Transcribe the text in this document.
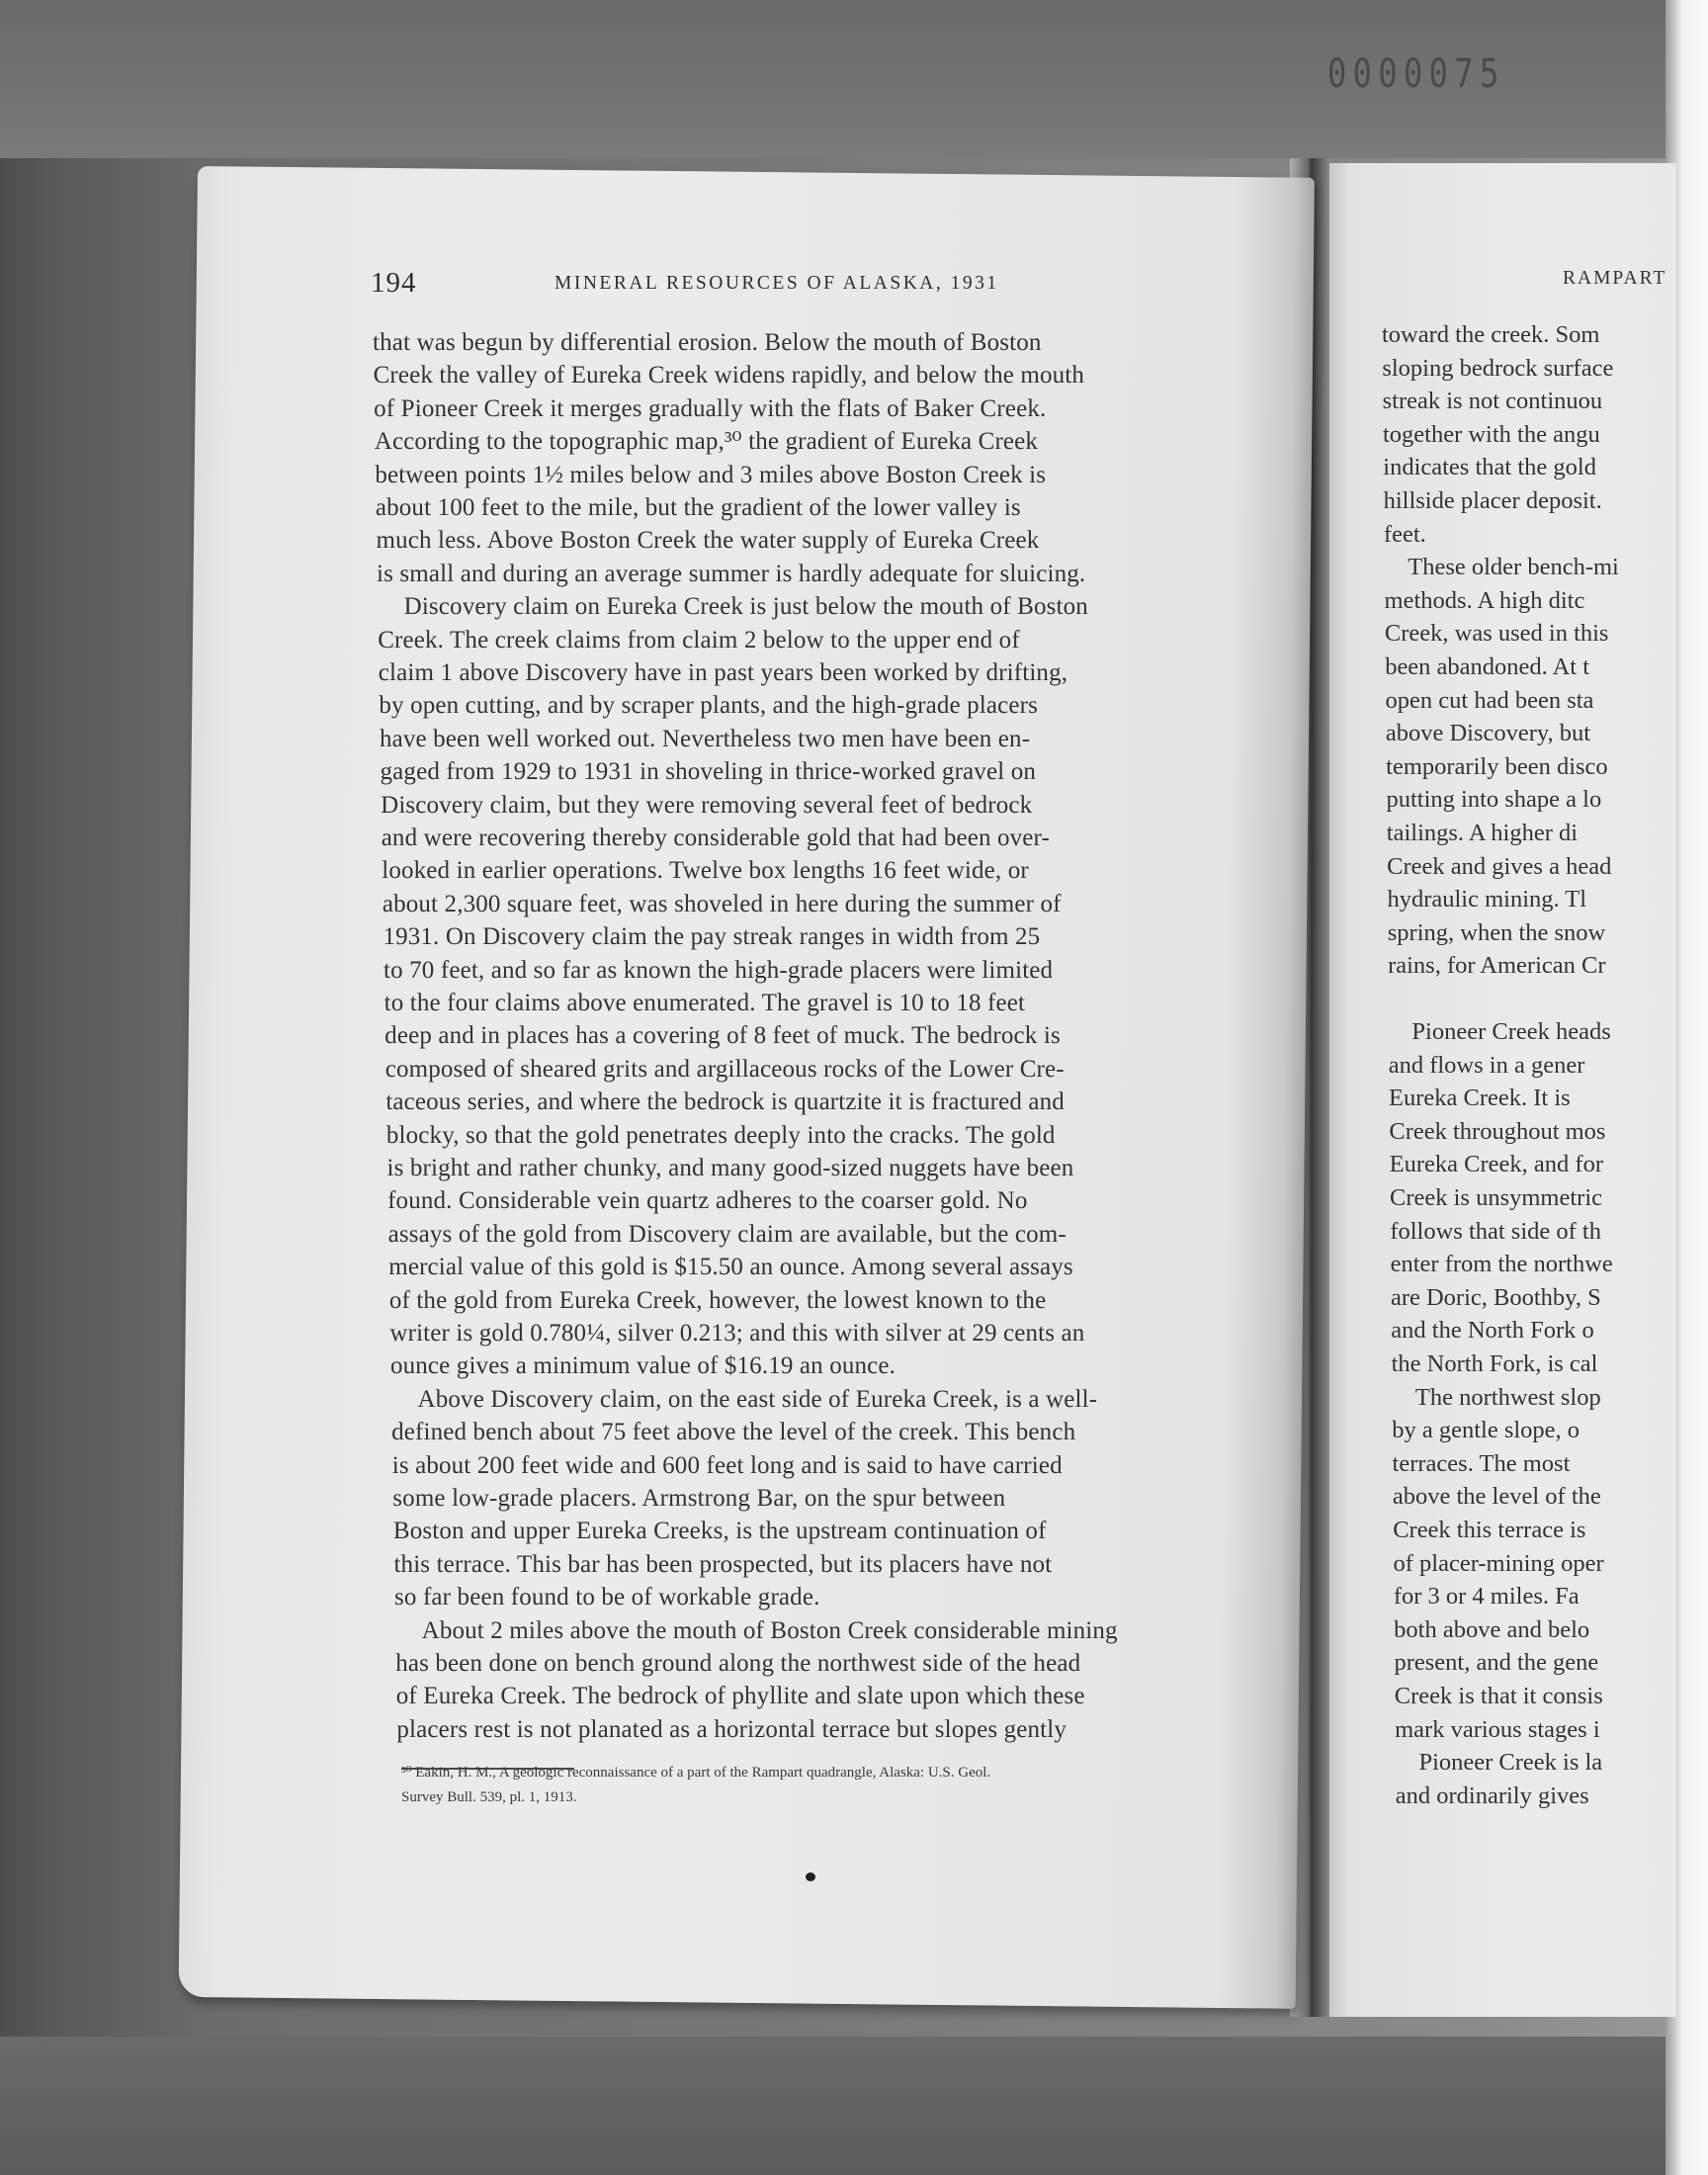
0000075
RAMPART
toward the creek. Som
sloping bedrock surface
streak is not continuou
together with the angu
indicates that the gold
hillside placer deposit.
feet.
These older bench-mi
methods. A high ditc
Creek, was used in this
been abandoned. At t
open cut had been sta
above Discovery, but
temporarily been disco
putting into shape a lo
tailings. A higher di
Creek and gives a head
hydraulic mining. Tl
spring, when the snow
rains, for American Cr
Pioneer Creek heads
and flows in a gener
Eureka Creek. It is
Creek throughout mos
Eureka Creek, and for
Creek is unsymmetric
follows that side of th
enter from the northwe
are Doric, Boothby, S
and the North Fork o
the North Fork, is cal
The northwest slop
by a gentle slope, o
terraces. The most
above the level of the
Creek this terrace is
of placer-mining oper
for 3 or 4 miles. Fa
both above and belo
present, and the gene
Creek is that it consis
mark various stages i
Pioneer Creek is la
and ordinarily gives
194	MINERAL RESOURCES OF ALASKA, 1931
that was begun by differential erosion. Below the mouth of Boston
Creek the valley of Eureka Creek widens rapidly, and below the mouth
of Pioneer Creek it merges gradually with the flats of Baker Creek.
According to the topographic map,³⁰ the gradient of Eureka Creek
between points 1½ miles below and 3 miles above Boston Creek is
about 100 feet to the mile, but the gradient of the lower valley is
much less. Above Boston Creek the water supply of Eureka Creek
is small and during an average summer is hardly adequate for sluicing.
Discovery claim on Eureka Creek is just below the mouth of Boston
Creek. The creek claims from claim 2 below to the upper end of
claim 1 above Discovery have in past years been worked by drifting,
by open cutting, and by scraper plants, and the high-grade placers
have been well worked out. Nevertheless two men have been en-
gaged from 1929 to 1931 in shoveling in thrice-worked gravel on
Discovery claim, but they were removing several feet of bedrock
and were recovering thereby considerable gold that had been over-
looked in earlier operations. Twelve box lengths 16 feet wide, or
about 2,300 square feet, was shoveled in here during the summer of
1931. On Discovery claim the pay streak ranges in width from 25
to 70 feet, and so far as known the high-grade placers were limited
to the four claims above enumerated. The gravel is 10 to 18 feet
deep and in places has a covering of 8 feet of muck. The bedrock is
composed of sheared grits and argillaceous rocks of the Lower Cre-
taceous series, and where the bedrock is quartzite it is fractured and
blocky, so that the gold penetrates deeply into the cracks. The gold
is bright and rather chunky, and many good-sized nuggets have been
found. Considerable vein quartz adheres to the coarser gold. No
assays of the gold from Discovery claim are available, but the com-
mercial value of this gold is $15.50 an ounce. Among several assays
of the gold from Eureka Creek, however, the lowest known to the
writer is gold 0.780¼, silver 0.213; and this with silver at 29 cents an
ounce gives a minimum value of $16.19 an ounce.
Above Discovery claim, on the east side of Eureka Creek, is a well-
defined bench about 75 feet above the level of the creek. This bench
is about 200 feet wide and 600 feet long and is said to have carried
some low-grade placers. Armstrong Bar, on the spur between
Boston and upper Eureka Creeks, is the upstream continuation of
this terrace. This bar has been prospected, but its placers have not
so far been found to be of workable grade.
About 2 miles above the mouth of Boston Creek considerable mining
has been done on bench ground along the northwest side of the head
of Eureka Creek. The bedrock of phyllite and slate upon which these
placers rest is not planated as a horizontal terrace but slopes gently
³⁰ Eakin, H. M., A geologic reconnaissance of a part of the Rampart quadrangle, Alaska: U.S. Geol.
Survey Bull. 539, pl. 1, 1913.
